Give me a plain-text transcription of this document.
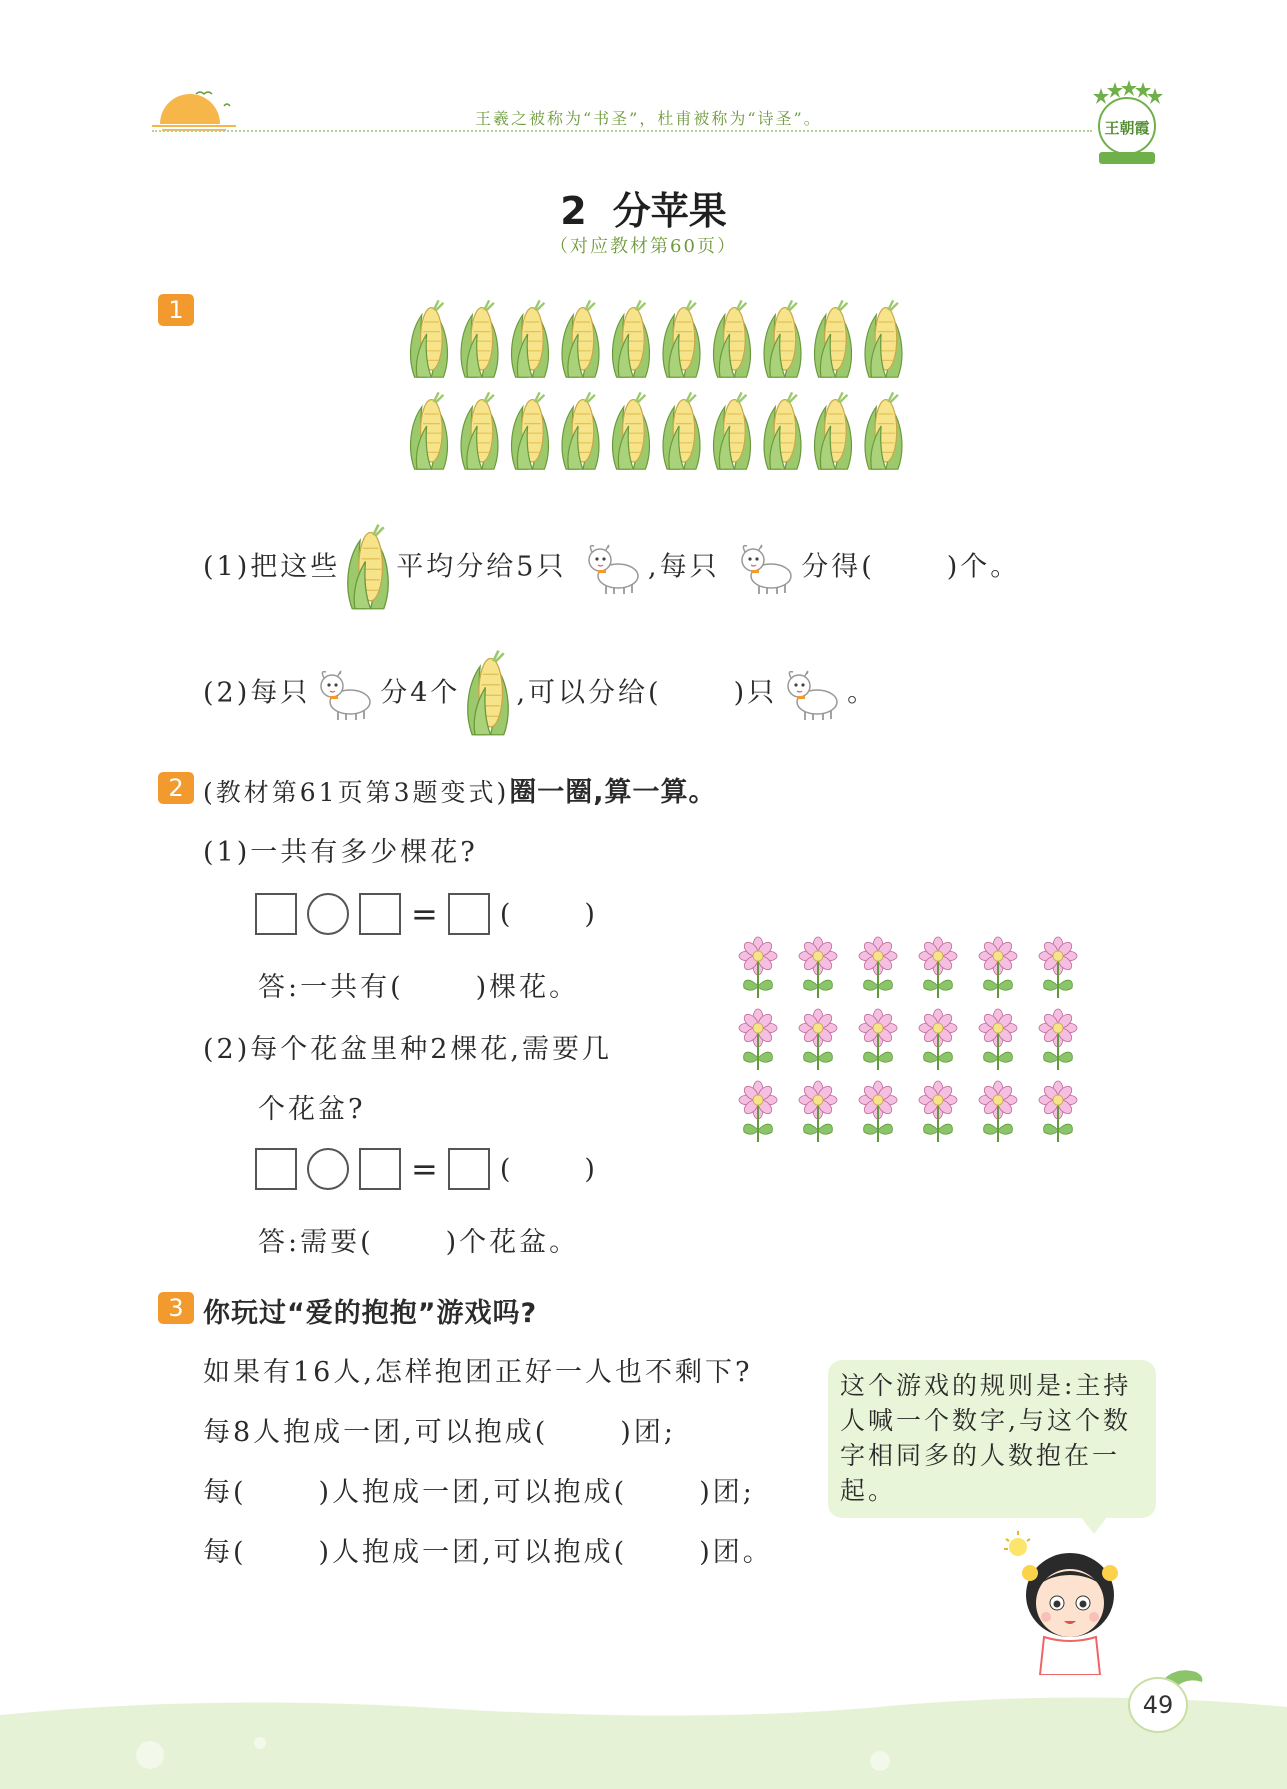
王羲之被称为“书圣”，杜甫被称为“诗圣”。	王朝霞
2 分苹果
（对应教材第60页）
1
(1)把这些 平均分给5只	,每只	分得(	)个。
(2)每只	分4个 ,可以分给(	)只	。
2 (教材第61页第3题变式)圈一圈,算一算。
(1)一共有多少棵花?
= (	)
答:一共有(	)棵花。
(2)每个花盆里种2棵花,需要几
个花盆?
= (	)
答:需要(	)个花盆。
3 你玩过“爱的抱抱”游戏吗?
如果有16人,怎样抱团正好一人也不剩下?
每8人抱成一团,可以抱成(	)团;
每(	)人抱成一团,可以抱成(	)团;
每(	)人抱成一团,可以抱成(	)团。
这个游戏的规则是:主持人喊一个数字,与这个数字相同多的人数抱在一起。
49
